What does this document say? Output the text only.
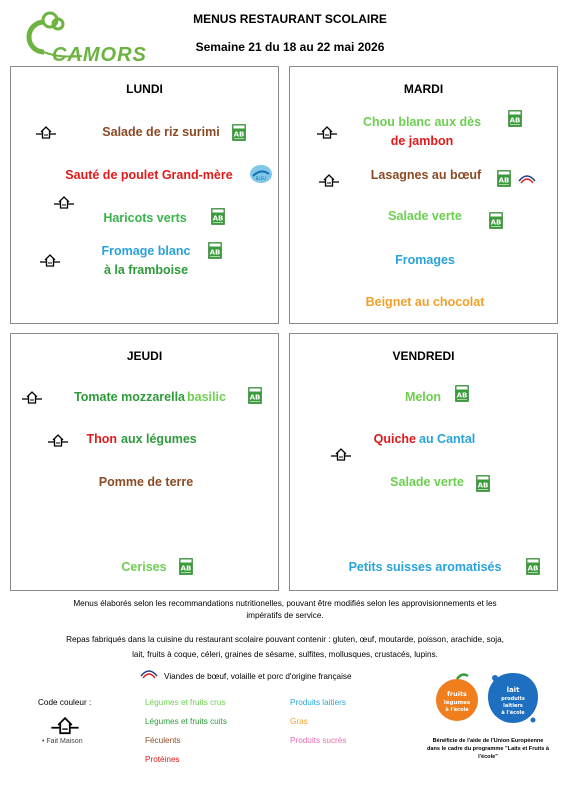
CAMORS
MENUS RESTAURANT SCOLAIRE
Semaine 21 du 18 au 22 mai 2026
LUNDI
Salade de riz surimi
Sauté de poulet Grand-mère	BLEU
Haricots verts
Fromage blanc
à la framboise
MARDI
Chou blanc aux dès
de jambon
Lasagnes au bœuf
Salade verte
Fromages
Beignet au chocolat
JEUDI
Tomate mozzarella basilic
Thon aux légumes
Pomme de terre
Cerises
VENDREDI
Melon
Quiche au Cantal
Salade verte
Petits suisses aromatisés
Menus élaborés selon les recommandations nutritionelles, pouvant être modifiés selon les approvisionnements et les
impératifs de service.
Repas fabriqués dans la cuisine du restaurant scolaire pouvant contenir : gluten, œuf, moutarde, poisson, arachide, soja,
lait, fruits à coque, céleri, graines de sésame, sulfites, mollusques, crustacés, lupins.
Viandes de bœuf, volaille et porc d'origine française
Code couleur :
• Fait Maison
Légumes et fruits crus
Légumes et fruits cuits
Féculents
Protéines
Produits laitiers
Gras
Produits sucrés
fruits
légumes
à l'école
lait
produits
laitiers
à l'école
Bénéficie de l'aide de l'Union Européenne
dans le cadre du programme "Laits et Fruits à
l'école"
